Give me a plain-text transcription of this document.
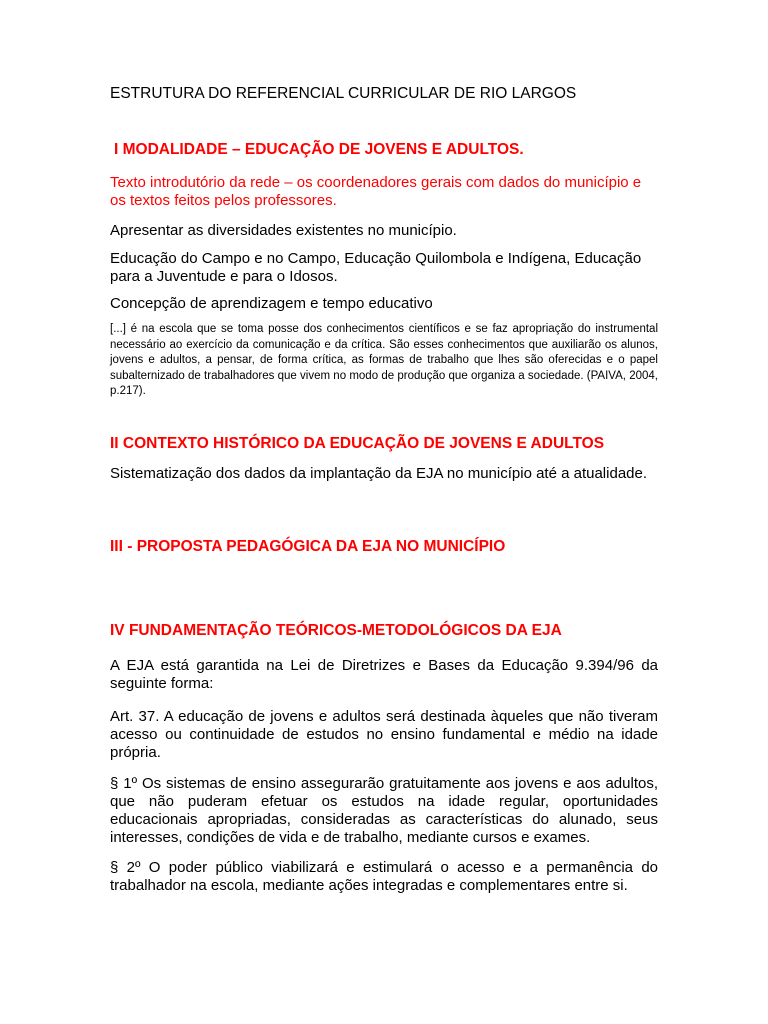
ESTRUTURA DO REFERENCIAL CURRICULAR DE RIO LARGOS

I MODALIDADE – EDUCAÇÃO DE JOVENS E ADULTOS.

Texto introdutório da rede – os coordenadores gerais com dados do município e os textos feitos pelos professores.

Apresentar as diversidades existentes no município.

Educação do Campo e no Campo, Educação Quilombola e Indígena, Educação para a Juventude e para o Idosos.

Concepção de aprendizagem e tempo educativo

[...] é na escola que se toma posse dos conhecimentos científicos e se faz apropriação do instrumental necessário ao exercício da comunicação e da crítica. São esses conhecimentos que auxiliarão os alunos, jovens e adultos, a pensar, de forma crítica, as formas de trabalho que lhes são oferecidas e o papel subalternizado de trabalhadores que vivem no modo de produção que organiza a sociedade. (PAIVA, 2004, p.217).

II CONTEXTO HISTÓRICO DA EDUCAÇÃO DE JOVENS E ADULTOS

Sistematização dos dados da implantação da EJA no município até a atualidade.

III - PROPOSTA PEDAGÓGICA DA EJA NO MUNICÍPIO

IV FUNDAMENTAÇÃO TEÓRICOS-METODOLÓGICOS DA EJA

A EJA está garantida na Lei de Diretrizes e Bases da Educação 9.394/96 da seguinte forma:

Art. 37. A educação de jovens e adultos será destinada àqueles que não tiveram acesso ou continuidade de estudos no ensino fundamental e médio na idade própria.

§ 1º Os sistemas de ensino assegurarão gratuitamente aos jovens e aos adultos, que não puderam efetuar os estudos na idade regular, oportunidades educacionais apropriadas, consideradas as características do alunado, seus interesses, condições de vida e de trabalho, mediante cursos e exames.

§ 2º O poder público viabilizará e estimulará o acesso e a permanência do trabalhador na escola, mediante ações integradas e complementares entre si.
